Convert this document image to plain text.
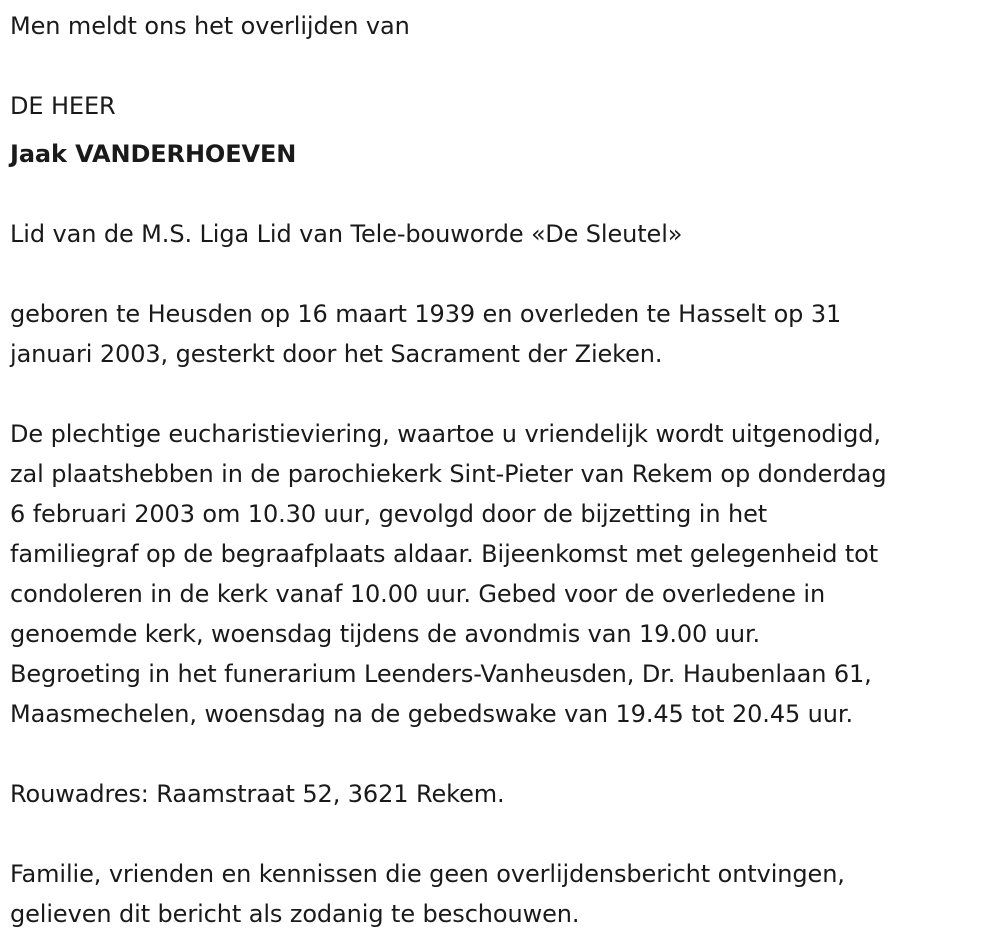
Men meldt ons het overlijden van
DE HEER
Jaak VANDERHOEVEN
Lid van de M.S. Liga Lid van Tele-bouworde «De Sleutel»
geboren te Heusden op 16 maart 1939 en overleden te Hasselt op 31
januari 2003, gesterkt door het Sacrament der Zieken.
De plechtige eucharistieviering, waartoe u vriendelijk wordt uitgenodigd,
zal plaatshebben in de parochiekerk Sint-Pieter van Rekem op donderdag
6 februari 2003 om 10.30 uur, gevolgd door de bijzetting in het
familiegraf op de begraafplaats aldaar. Bijeenkomst met gelegenheid tot
condoleren in de kerk vanaf 10.00 uur. Gebed voor de overledene in
genoemde kerk, woensdag tijdens de avondmis van 19.00 uur.
Begroeting in het funerarium Leenders-Vanheusden, Dr. Haubenlaan 61,
Maasmechelen, woensdag na de gebedswake van 19.45 tot 20.45 uur.
Rouwadres: Raamstraat 52, 3621 Rekem.
Familie, vrienden en kennissen die geen overlijdensbericht ontvingen,
gelieven dit bericht als zodanig te beschouwen.
